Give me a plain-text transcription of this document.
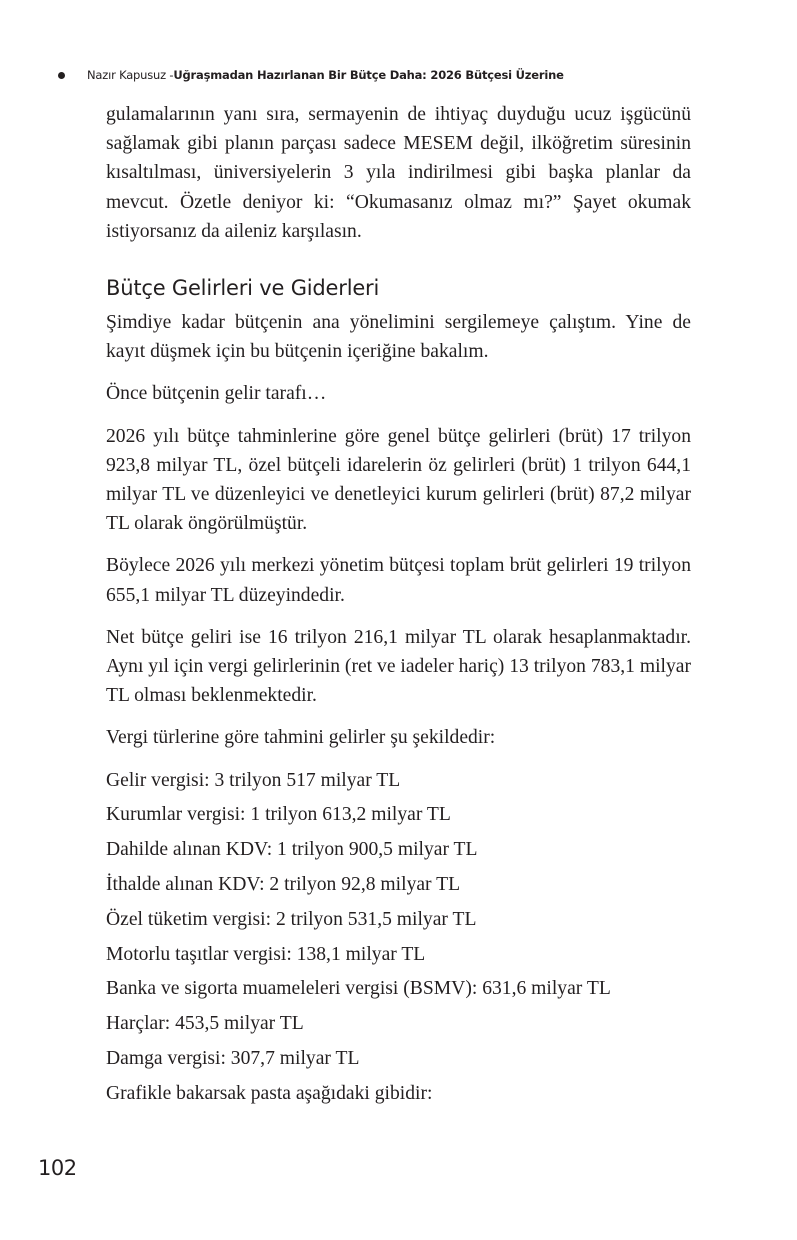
Nazır Kapusuz - Uğraşmadan Hazırlanan Bir Bütçe Daha: 2026 Bütçesi Üzerine

gulamalarının yanı sıra, sermayenin de ihtiyaç duyduğu ucuz işgücünü sağlamak gibi planın parçası sadece MESEM değil, ilköğretim süresinin kısaltılması, üniversiyelerin 3 yıla indirilmesi gibi başka planlar da mevcut. Özetle deniyor ki: “Okumasanız olmaz mı?” Şayet okumak istiyorsanız da aileniz karşılasın.

Bütçe Gelirleri ve Giderleri

Şimdiye kadar bütçenin ana yönelimini sergilemeye çalıştım. Yine de kayıt düşmek için bu bütçenin içeriğine bakalım.

Önce bütçenin gelir tarafı…

2026 yılı bütçe tahminlerine göre genel bütçe gelirleri (brüt) 17 trilyon 923,8 milyar TL, özel bütçeli idarelerin öz gelirleri (brüt) 1 trilyon 644,1 milyar TL ve düzenleyici ve denetleyici kurum gelirleri (brüt) 87,2 milyar TL olarak öngörülmüştür.

Böylece 2026 yılı merkezi yönetim bütçesi toplam brüt gelirleri 19 trilyon 655,1 milyar TL düzeyindedir.

Net bütçe geliri ise 16 trilyon 216,1 milyar TL olarak hesaplanmaktadır. Aynı yıl için vergi gelirlerinin (ret ve iadeler hariç) 13 trilyon 783,1 milyar TL olması beklenmektedir.

Vergi türlerine göre tahmini gelirler şu şekildedir:

Gelir vergisi: 3 trilyon 517 milyar TL

Kurumlar vergisi: 1 trilyon 613,2 milyar TL

Dahilde alınan KDV: 1 trilyon 900,5 milyar TL

İthalde alınan KDV: 2 trilyon 92,8 milyar TL

Özel tüketim vergisi: 2 trilyon 531,5 milyar TL

Motorlu taşıtlar vergisi: 138,1 milyar TL

Banka ve sigorta muameleleri vergisi (BSMV): 631,6 milyar TL

Harçlar: 453,5 milyar TL

Damga vergisi: 307,7 milyar TL

Grafikle bakarsak pasta aşağıdaki gibidir:

102
